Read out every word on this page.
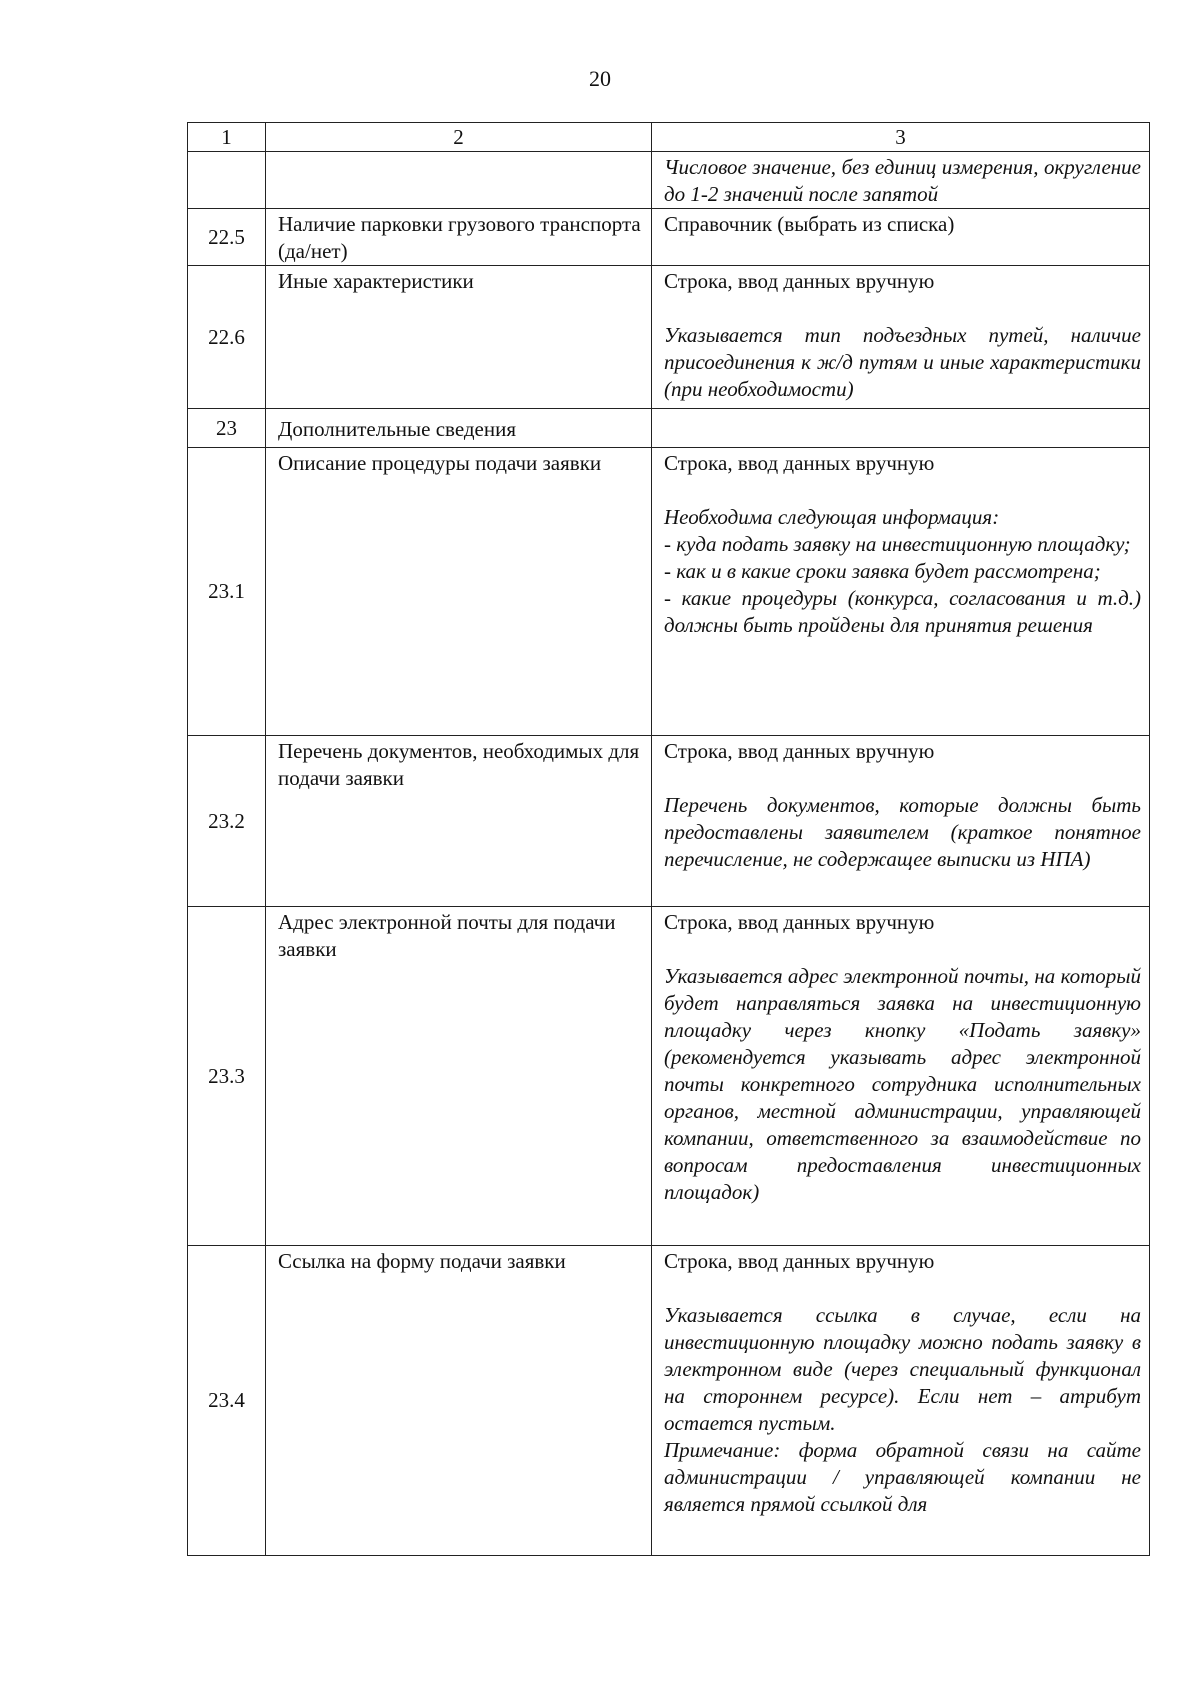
20
1	2	3

		Числовое значение, без единиц измерения, округление до 1-2 значений после запятой

22.5	Наличие парковки грузового транспорта (да/нет)	Справочник (выбрать из списка)

22.6	Иные характеристики	Строка, ввод данных вручную
Указывается тип подъездных путей, наличие присоединения к ж/д путям и иные характеристики (при необходимости)

23	Дополнительные сведения	
23.1	Описание процедуры подачи заявки	Строка, ввод данных вручную
Необходима следующая информация:
- куда подать заявку на инвестиционную площадку;
- как и в какие сроки заявка будет рассмотрена;
- какие процедуры (конкурса, согласования и т.д.) должны быть пройдены для принятия решения

23.2	Перечень документов, необходимых для подачи заявки	Строка, ввод данных вручную
Перечень документов, которые должны быть предоставлены заявителем (краткое понятное перечисление, не содержащее выписки из НПА)

23.3	Адрес электронной почты для подачи заявки	Строка, ввод данных вручную
Указывается адрес электронной почты, на который будет направляться заявка на инвестиционную площадку через кнопку «Подать заявку» (рекомендуется указывать адрес электронной почты конкретного сотрудника исполнительных органов, местной администрации, управляющей компании, ответственного за взаимодействие по вопросам предоставления инвестиционных площадок)

23.4	Ссылка на форму подачи заявки	Строка, ввод данных вручную
Указывается ссылка в случае, если на инвестиционную площадку можно подать заявку в электронном виде (через специальный функционал на стороннем ресурсе). Если нет – атрибут остается пустым.
Примечание: форма обратной связи на сайте администрации / управляющей компании не является прямой ссылкой для
